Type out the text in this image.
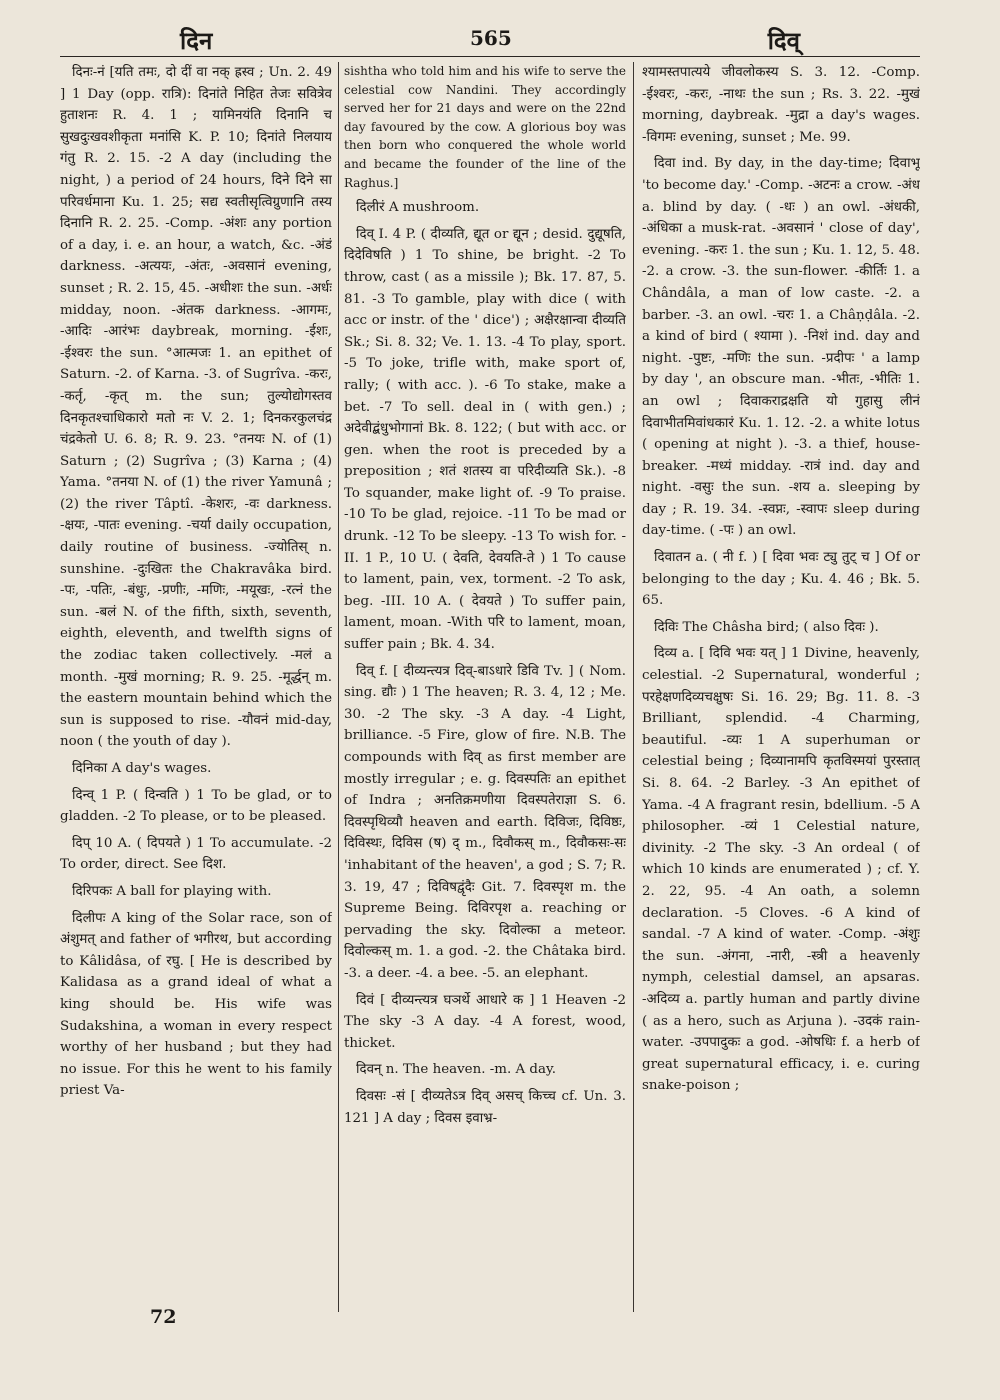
दिन	565	दिव्

दिनः-नं [यति तमः, दो दीं वा नक् ह्रस्व ; Un. 2. 49 ] 1 Day (opp. रात्रि): दिनांते निहित तेजः सवित्रेव हुताशनः R. 4. 1 ; यामिनयंति दिनानि च सुखदुःखवशीकृता मनांसि K. P. 10; दिनांते निलयाय गंतु R. 2. 15. -2 A day (including the night, ) a period of 24 hours, दिने दिने सा परिवर्धमाना Ku. 1. 25; सद्य स्वतीसृत्विग्रुणानि तस्य दिनानि R. 2. 25. -Comp. -अंशः any portion of a day, i. e. an hour, a watch, &c. -अंडं darkness. -अत्ययः, -अंतः, -अवसानं evening, sunset ; R. 2. 15, 45. -अधीशः the sun. -अर्धः midday, noon. -अंतक darkness. -आगमः, -आदिः -आरंभः daybreak, morning. -ईशः, -ईश्वरः the sun. °आत्मजः 1. an epithet of Saturn. -2. of Karna. -3. of Sugrîva. -करः, -कर्तृ, -कृत् m. the sun; तुल्योद्योगस्तव दिनकृतश्चाधिकारो मतो नः V. 2. 1; दिनकरकुलचंद्र चंद्रकेतो U. 6. 8; R. 9. 23. °तनयः N. of (1) Saturn ; (2) Sugrîva ; (3) Karna ; (4) Yama. °तनया N. of (1) the river Yamunâ ; (2) the river Tâptî. -केशरः, -वः darkness. -क्षयः, -पातः evening. -चर्या daily occupation, daily routine of business. -ज्योतिस् n. sunshine. -दुःखितः the Chakravâka bird. -पः, -पतिः, -बंधुः, -प्रणीः, -मणिः, -मयूखः, -रत्नं the sun. -बलं N. of the fifth, sixth, seventh, eighth, eleventh, and twelfth signs of the zodiac taken collectively. -मलं a month. -मुखं morning; R. 9. 25. -मूर्द्धन् m. the eastern mountain behind which the sun is supposed to rise. -यौवनं mid-day, noon ( the youth of day ).

दिनिका A day's wages.

दिन्व् 1 P. ( दिन्वति ) 1 To be glad, or to gladden. -2 To please, or to be pleased.

दिप् 10 A. ( दिपयते ) 1 To accumulate. -2 To order, direct. See दिश.

दिरिपकः A ball for playing with.

दिलीपः A king of the Solar race, son of अंशुमत् and father of भगीरथ, but according to Kâlidâsa, of रघु. [ He is described by Kalidasa as a grand ideal of what a king should be. His wife was Sudakshina, a woman in every respect worthy of her husband ; but they had no issue. For this he went to his family priest Va-

sishtha who told him and his wife to serve the celestial cow Nandini. They accordingly served her for 21 days and were on the 22nd day favoured by the cow. A glorious boy was then born who conquered the whole world and became the founder of the line of the Raghus.]

दिलीरं A mushroom.

दिव् I. 4 P. ( दीव्यति, द्यूत or द्यून ; desid. दुद्यूषति, दिदेविषति ) 1 To shine, be bright. -2 To throw, cast ( as a missile ); Bk. 17. 87, 5. 81. -3 To gamble, play with dice ( with acc or instr. of the ' dice') ; अक्षैरक्षान्वा दीव्यति Sk.; Si. 8. 32; Ve. 1. 13. -4 To play, sport. -5 To joke, trifle with, make sport of, rally; ( with acc. ). -6 To stake, make a bet. -7 To sell. deal in ( with gen.) ; अदेवीद्बंधुभोगानां Bk. 8. 122; ( but with acc. or gen. when the root is preceded by a preposition ; शतं शतस्य वा परिदीव्यति Sk.). -8 To squander, make light of. -9 To praise. -10 To be glad, rejoice. -11 To be mad or drunk. -12 To be sleepy. -13 To wish for. -II. 1 P., 10 U. ( देवति, देवयति-ते ) 1 To cause to lament, pain, vex, torment. -2 To ask, beg. -III. 10 A. ( देवयते ) To suffer pain, lament, moan. -With परि to lament, moan, suffer pain ; Bk. 4. 34.

दिव् f. [ दीव्यन्त्यत्र दिव्-बाऽधारे डिवि Tv. ] ( Nom. sing. द्यौः ) 1 The heaven; R. 3. 4, 12 ; Me. 30. -2 The sky. -3 A day. -4 Light, brilliance. -5 Fire, glow of fire. N.B. The compounds with दिव् as first member are mostly irregular ; e. g. दिवस्पतिः an epithet of Indra ; अनतिक्रमणीया दिवस्पतेराज्ञा S. 6. दिवस्पृथिव्यौ heaven and earth. दिविजः, दिविष्ठः, दिविस्थः, दिविस (ष) द् m., दिवौकस् m., दिवौकसः-सः 'inhabitant of the heaven', a god ; S. 7; R. 3. 19, 47 ; दिविषद्वृंदैः Git. 7. दिवस्पृश m. the Supreme Being. दिविरपृश a. reaching or pervading the sky. दिवोल्का a meteor. दिवोल्कस् m. 1. a god. -2. the Châtaka bird. -3. a deer. -4. a bee. -5. an elephant.

दिवं [ दीव्यन्त्यत्र घञर्थे आधारे क ] 1 Heaven -2 The sky -3 A day. -4 A forest, wood, thicket.

दिवन् n. The heaven. -m. A day.

दिवसः -सं [ दीव्यतेऽत्र दिव् असच् किच्च cf. Un. 3. 121 ] A day ; दिवस इवाभ्र-

श्यामस्तपात्यये जीवलोकस्य S. 3. 12. -Comp. -ईश्वरः, -करः, -नाथः the sun ; Rs. 3. 22. -मुखं morning, daybreak. -मुद्रा a day's wages. -विगमः evening, sunset ; Me. 99.

दिवा ind. By day, in the day-time; दिवाभू 'to become day.' -Comp. -अटनः a crow. -अंध a. blind by day. ( -धः ) an owl. -अंधकी, -अंधिका a musk-rat. -अवसानं ' close of day', evening. -करः 1. the sun ; Ku. 1. 12, 5. 48. -2. a crow. -3. the sun-flower. -कीर्तिः 1. a Chândâla, a man of low caste. -2. a barber. -3. an owl. -चरः 1. a Châṇḍâla. -2. a kind of bird ( श्यामा ). -निशं ind. day and night. -पुष्टः, -मणिः the sun. -प्रदीपः ' a lamp by day ', an obscure man. -भीतः, -भीतिः 1. an owl ; दिवाकराद्रक्षति यो गुहासु लीनं दिवाभीतमिवांधकारं Ku. 1. 12. -2. a white lotus ( opening at night ). -3. a thief, house-breaker. -मध्यं midday. -रात्रं ind. day and night. -वसुः the sun. -शय a. sleeping by day ; R. 19. 34. -स्वप्नः, -स्वापः sleep during day-time. ( -पः ) an owl.

दिवातन a. ( नी f. ) [ दिवा भवः ट्यु तुट् च ] Of or belonging to the day ; Ku. 4. 46 ; Bk. 5. 65.

दिविः The Châsha bird; ( also दिवः ).

दिव्य a. [ दिवि भवः यत् ] 1 Divine, heavenly, celestial. -2 Supernatural, wonderful ; परहेक्षणदिव्यचक्षुषः Si. 16. 29; Bg. 11. 8. -3 Brilliant, splendid. -4 Charming, beautiful. -व्यः 1 A superhuman or celestial being ; दिव्यानामपि कृतविस्मयां पुरस्तात् Si. 8. 64. -2 Barley. -3 An epithet of Yama. -4 A fragrant resin, bdellium. -5 A philosopher. -व्यं 1 Celestial nature, divinity. -2 The sky. -3 An ordeal ( of which 10 kinds are enumerated ) ; cf. Y. 2. 22, 95. -4 An oath, a solemn declaration. -5 Cloves. -6 A kind of sandal. -7 A kind of water. -Comp. -अंशुः the sun. -अंगना, -नारी, -स्त्री a heavenly nymph, celestial damsel, an apsaras. -अदिव्य a. partly human and partly divine ( as a hero, such as Arjuna ). -उदकं rain-water. -उपपादुकः a god. -ओषधिः f. a herb of great supernatural efficacy, i. e. curing snake-poison ;

72
